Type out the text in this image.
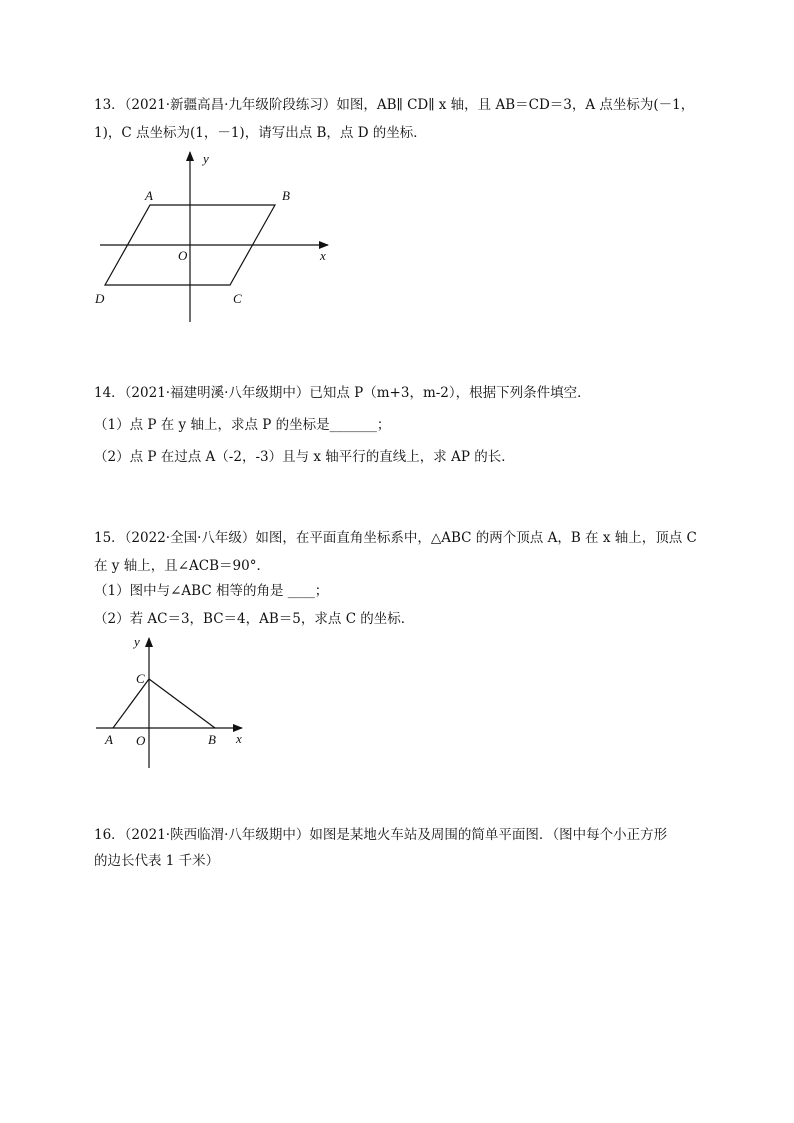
13．（2021·新疆高昌·九年级阶段练习）如图，AB∥ CD∥ x 轴，且 AB＝CD＝3，A 点坐标为(－1，
1)，C 点坐标为(1，－1)，请写出点 B，点 D 的坐标．
y
x
O
A	B
C
D
14．（2021·福建明溪·八年级期中）已知点 P（m+3，m-2），根据下列条件填空．
（1）点 P 在 y 轴上，求点 P 的坐标是_______；
（2）点 P 在过点 A（-2，-3）且与 x 轴平行的直线上，求 AP 的长．
15．（2022·全国·八年级）如图，在平面直角坐标系中，△ABC 的两个顶点 A，B 在 x 轴上，顶点 C
在 y 轴上，且∠ACB＝90°．
（1）图中与∠ABC 相等的角是 ____；
（2）若 AC＝3，BC＝4，AB＝5，求点 C 的坐标．
y
x
O
A	B
C
16．（2021·陕西临渭·八年级期中）如图是某地火车站及周围的简单平面图．（图中每个小正方形
的边长代表 1 千米）
